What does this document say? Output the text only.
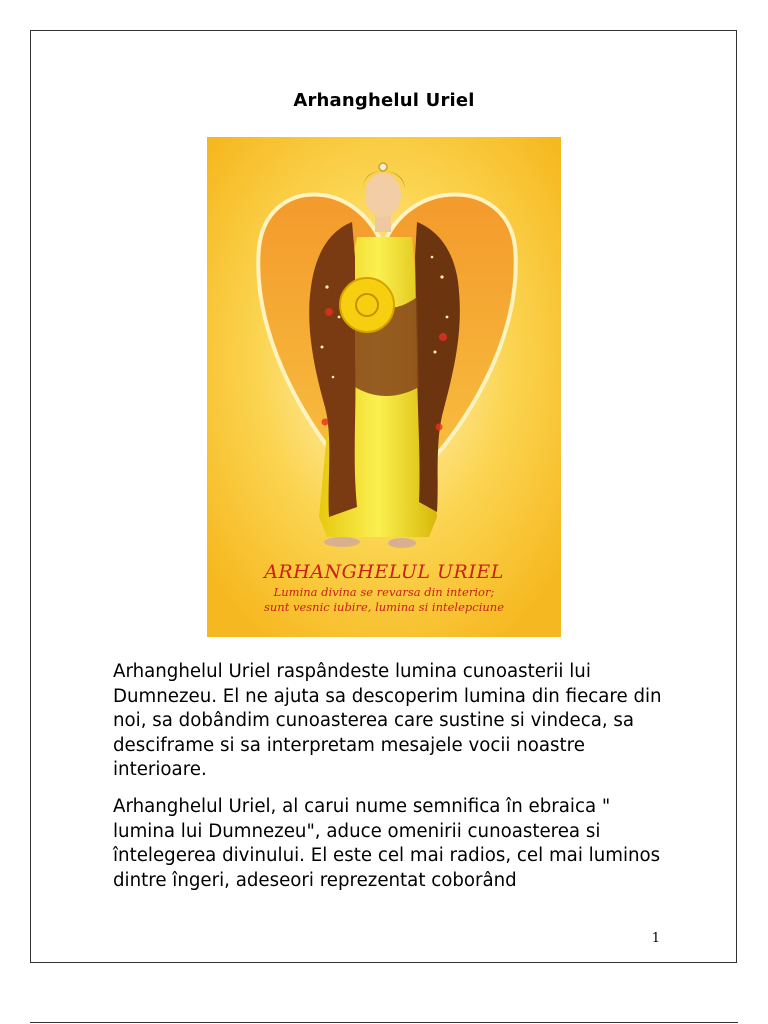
Arhanghelul Uriel
ARHANGHELUL URIEL
Lumina divina se revarsa din interior;
sunt vesnic iubire, lumina si intelepciune

Arhanghelul Uriel raspândeste lumina cunoasterii lui Dumnezeu. El ne ajuta sa descoperim lumina din fiecare din noi, sa dobândim cunoasterea care sustine si vindeca, sa desciframe si sa interpretam mesajele vocii noastre interioare.

Arhanghelul Uriel, al carui nume semnifica în ebraica " lumina lui Dumnezeu", aduce omenirii cunoasterea si întelegerea divinului. El este cel mai radios, cel mai luminos dintre îngeri, adeseori reprezentat coborând

1
